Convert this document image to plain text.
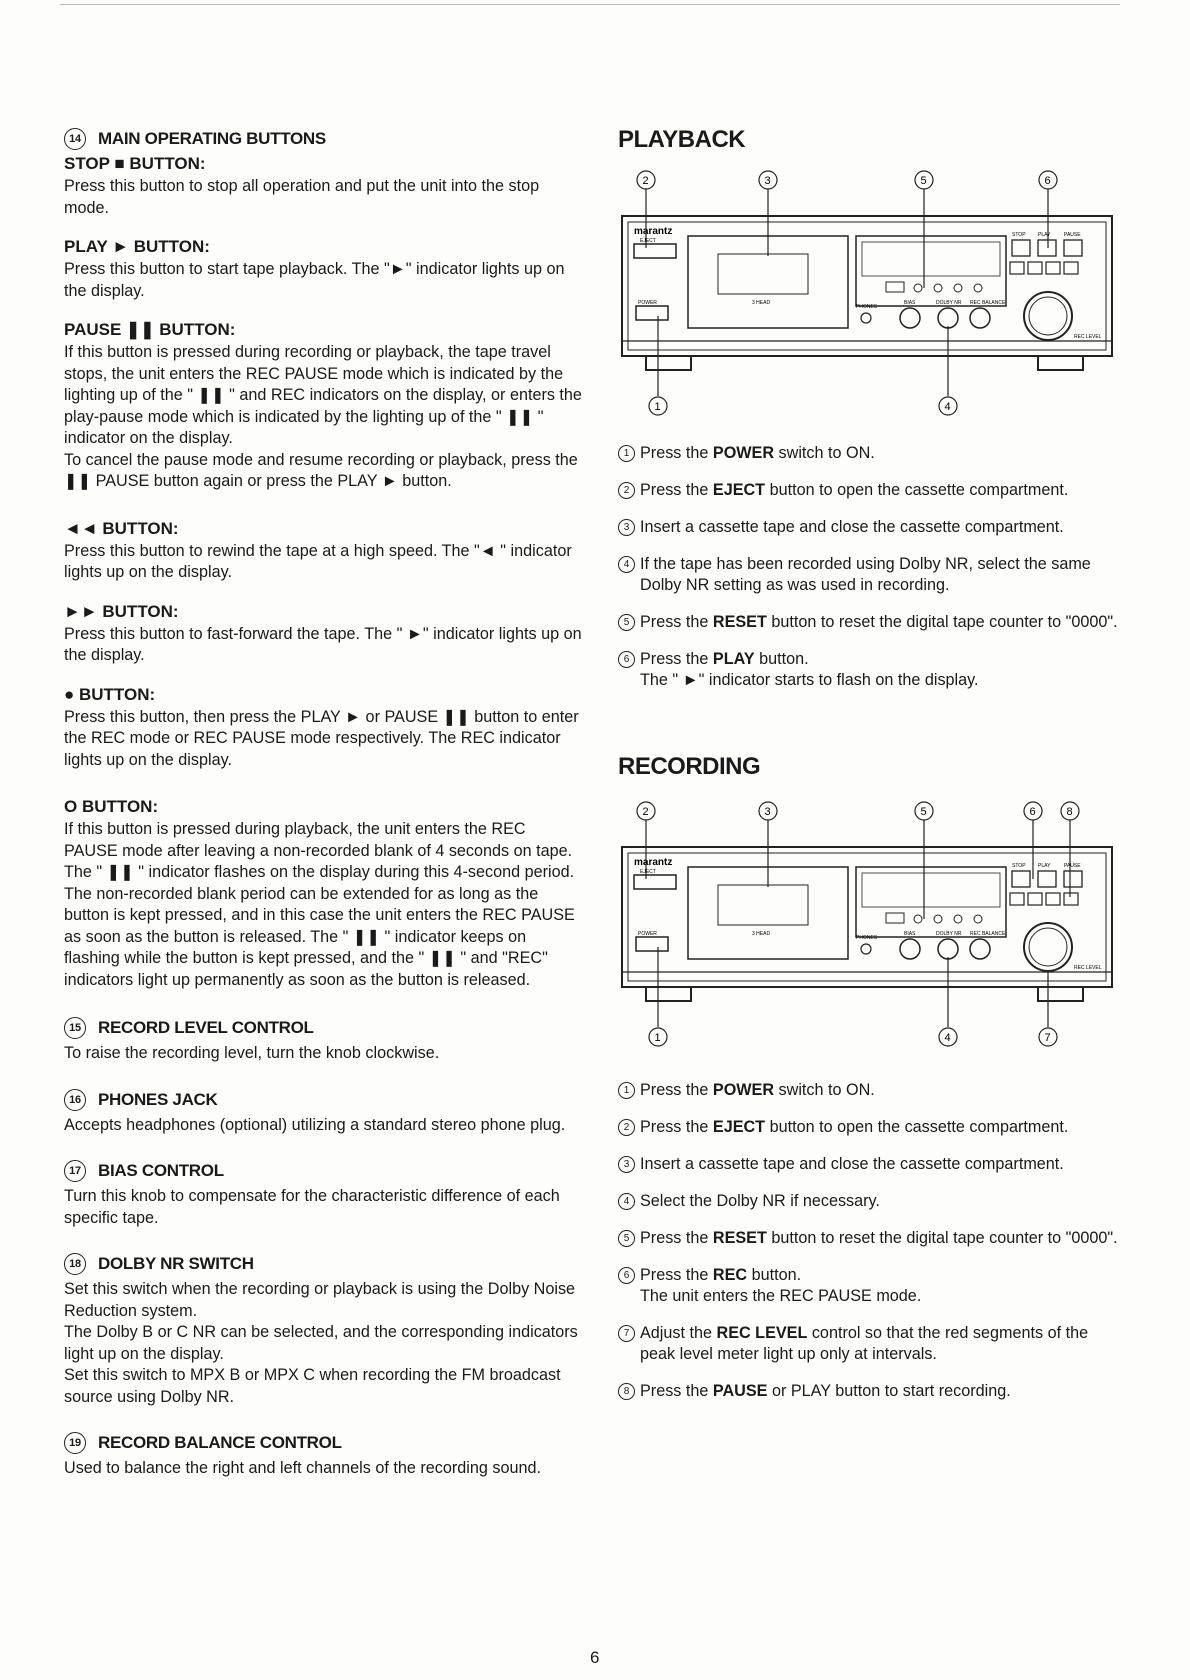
14	MAIN OPERATING BUTTONS

STOP ■ BUTTON:

Press this button to stop all operation and put the unit into the stop mode.

PLAY ► BUTTON:

Press this button to start tape playback. The "►" indicator lights up on the display.

PAUSE ❚❚ BUTTON:

If this button is pressed during recording or playback, the tape travel stops, the unit enters the REC PAUSE mode which is indicated by the lighting up of the " ❚❚ " and REC indicators on the display, or enters the play-pause mode which is indicated by the lighting up of the " ❚❚ " indicator on the display.

To cancel the pause mode and resume recording or playback, press the ❚❚ PAUSE button again or press the PLAY ► button.

◄◄ BUTTON:

Press this button to rewind the tape at a high speed. The "◄ " indicator lights up on the display.

►► BUTTON:

Press this button to fast-forward the tape. The " ►" indicator lights up on the display.

● BUTTON:

Press this button, then press the PLAY ► or PAUSE ❚❚ button to enter the REC mode or REC PAUSE mode respectively. The REC indicator lights up on the display.

O BUTTON:

If this button is pressed during playback, the unit enters the REC PAUSE mode after leaving a non-recorded blank of 4 seconds on tape. The " ❚❚ " indicator flashes on the display during this 4-second period. The non-recorded blank period can be extended for as long as the button is kept pressed, and in this case the unit enters the REC PAUSE as soon as the button is released. The " ❚❚ " indicator keeps on flashing while the button is kept pressed, and the " ❚❚ " and "REC" indicators light up permanently as soon as the button is released.

15	RECORD LEVEL CONTROL

To raise the recording level, turn the knob clockwise.

16	PHONES JACK

Accepts headphones (optional) utilizing a standard stereo phone plug.

17	BIAS CONTROL

Turn this knob to compensate for the characteristic difference of each specific tape.

18	DOLBY NR SWITCH

Set this switch when the recording or playback is using the Dolby Noise Reduction system.

The Dolby B or C NR can be selected, and the corresponding indicators light up on the display.

Set this switch to MPX B or MPX C when recording the FM broadcast source using Dolby NR.

19	RECORD BALANCE CONTROL

Used to balance the right and left channels of the recording sound.

PLAYBACK
marantz
EJECT
POWER	3 HEAD
STOP PLAY	PAUSE
PHONES
BIAS	DOLBY NR REC BALANCE
REC LEVEL
2	3	5	6
1	4
1 Press the POWER switch to ON.
2 Press the EJECT button to open the cassette compartment.
3 Insert a cassette tape and close the cassette compartment.
4 If the tape has been recorded using Dolby NR, select the same Dolby NR setting as was used in recording.
5 Press the RESET button to reset the digital tape counter to "0000".
6 Press the PLAY button.
The " ►" indicator starts to flash on the display.
RECORDING
marantz
EJECT
POWER	3 HEAD
STOP PLAY	PAUSE
PHONES
BIAS	DOLBY NR REC BALANCE
REC LEVEL
2	3	5	6	8
1	4	7
1 Press the POWER switch to ON.
2 Press the EJECT button to open the cassette compartment.
3 Insert a cassette tape and close the cassette compartment.
4 Select the Dolby NR if necessary.
5 Press the RESET button to reset the digital tape counter to "0000".
6 Press the REC button.
The unit enters the REC PAUSE mode.
7 Adjust the REC LEVEL control so that the red segments of the peak level meter light up only at intervals.
8 Press the PAUSE or PLAY button to start recording.
6
